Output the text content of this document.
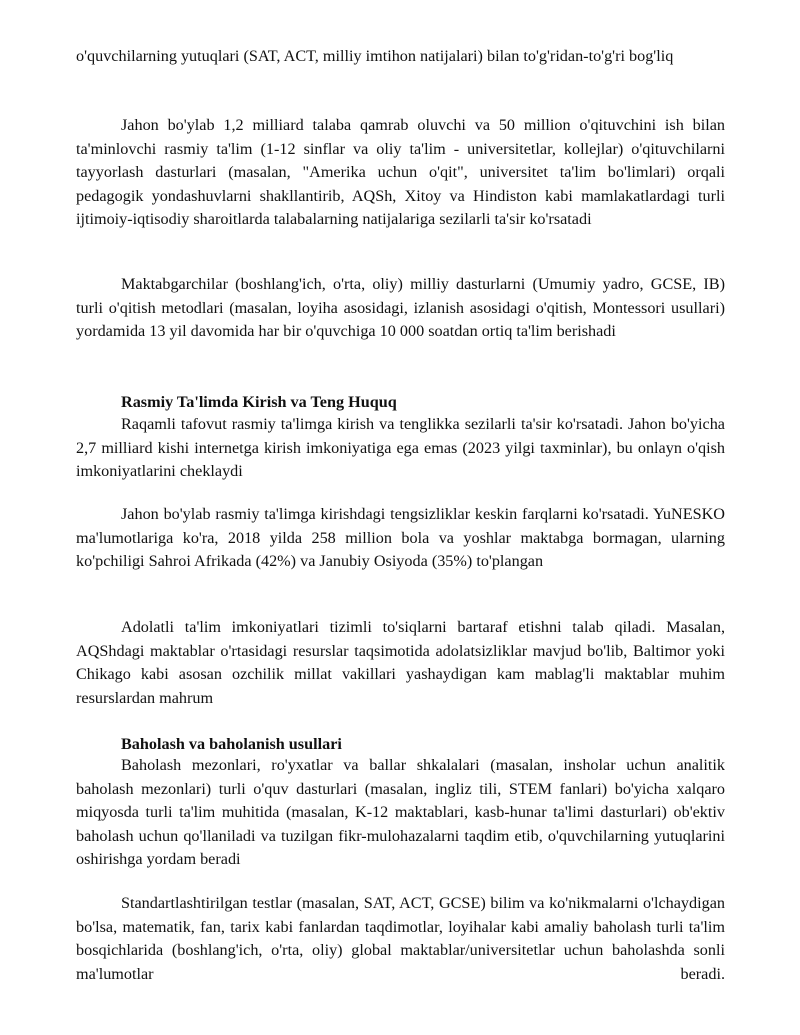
o'quvchilarning yutuqlari (SAT, ACT, milliy imtihon natijalari) bilan to'g'ridan-to'g'ri bog'liq

Jahon bo'ylab 1,2 milliard talaba qamrab oluvchi va 50 million o'qituvchini ish bilan ta'minlovchi rasmiy ta'lim (1-12 sinflar va oliy ta'lim - universitetlar, kollejlar) o'qituvchilarni tayyorlash dasturlari (masalan, "Amerika uchun o'qit", universitet ta'lim bo'limlari) orqali pedagogik yondashuvlarni shakllantirib, AQSh, Xitoy va Hindiston kabi mamlakatlardagi turli ijtimoiy-iqtisodiy sharoitlarda talabalarning natijalariga sezilarli ta'sir ko'rsatadi

Maktabgarchilar (boshlang'ich, o'rta, oliy) milliy dasturlarni (Umumiy yadro, GCSE, IB) turli o'qitish metodlari (masalan, loyiha asosidagi, izlanish asosidagi o'qitish, Montessori usullari) yordamida 13 yil davomida har bir o'quvchiga 10 000 soatdan ortiq ta'lim berishadi

Rasmiy Ta'limda Kirish va Teng Huquq

Raqamli tafovut rasmiy ta'limga kirish va tenglikka sezilarli ta'sir ko'rsatadi. Jahon bo'yicha 2,7 milliard kishi internetga kirish imkoniyatiga ega emas (2023 yilgi taxminlar), bu onlayn o'qish imkoniyatlarini cheklaydi

Jahon bo'ylab rasmiy ta'limga kirishdagi tengsizliklar keskin farqlarni ko'rsatadi. YuNESKO ma'lumotlariga ko'ra, 2018 yilda 258 million bola va yoshlar maktabga bormagan, ularning ko'pchiligi Sahroi Afrikada (42%) va Janubiy Osiyoda (35%) to'plangan

Adolatli ta'lim imkoniyatlari tizimli to'siqlarni bartaraf etishni talab qiladi. Masalan, AQShdagi maktablar o'rtasidagi resurslar taqsimotida adolatsizliklar mavjud bo'lib, Baltimor yoki Chikago kabi asosan ozchilik millat vakillari yashaydigan kam mablag'li maktablar muhim resurslardan mahrum

Baholash va baholanish usullari

Baholash mezonlari, ro'yxatlar va ballar shkalalari (masalan, insholar uchun analitik baholash mezonlari) turli o'quv dasturlari (masalan, ingliz tili, STEM fanlari) bo'yicha xalqaro miqyosda turli ta'lim muhitida (masalan, K-12 maktablari, kasb-hunar ta'limi dasturlari) ob'ektiv baholash uchun qo'llaniladi va tuzilgan fikr-mulohazalarni taqdim etib, o'quvchilarning yutuqlarini oshirishga yordam beradi

Standartlashtirilgan testlar (masalan, SAT, ACT, GCSE) bilim va ko'nikmalarni o'lchaydigan bo'lsa, matematik, fan, tarix kabi fanlardan taqdimotlar, loyihalar kabi amaliy baholash turli ta'lim bosqichlarida (boshlang'ich, o'rta, oliy) global maktablar/universitetlar uchun baholashda sonli ma'lumotlar beradi.
